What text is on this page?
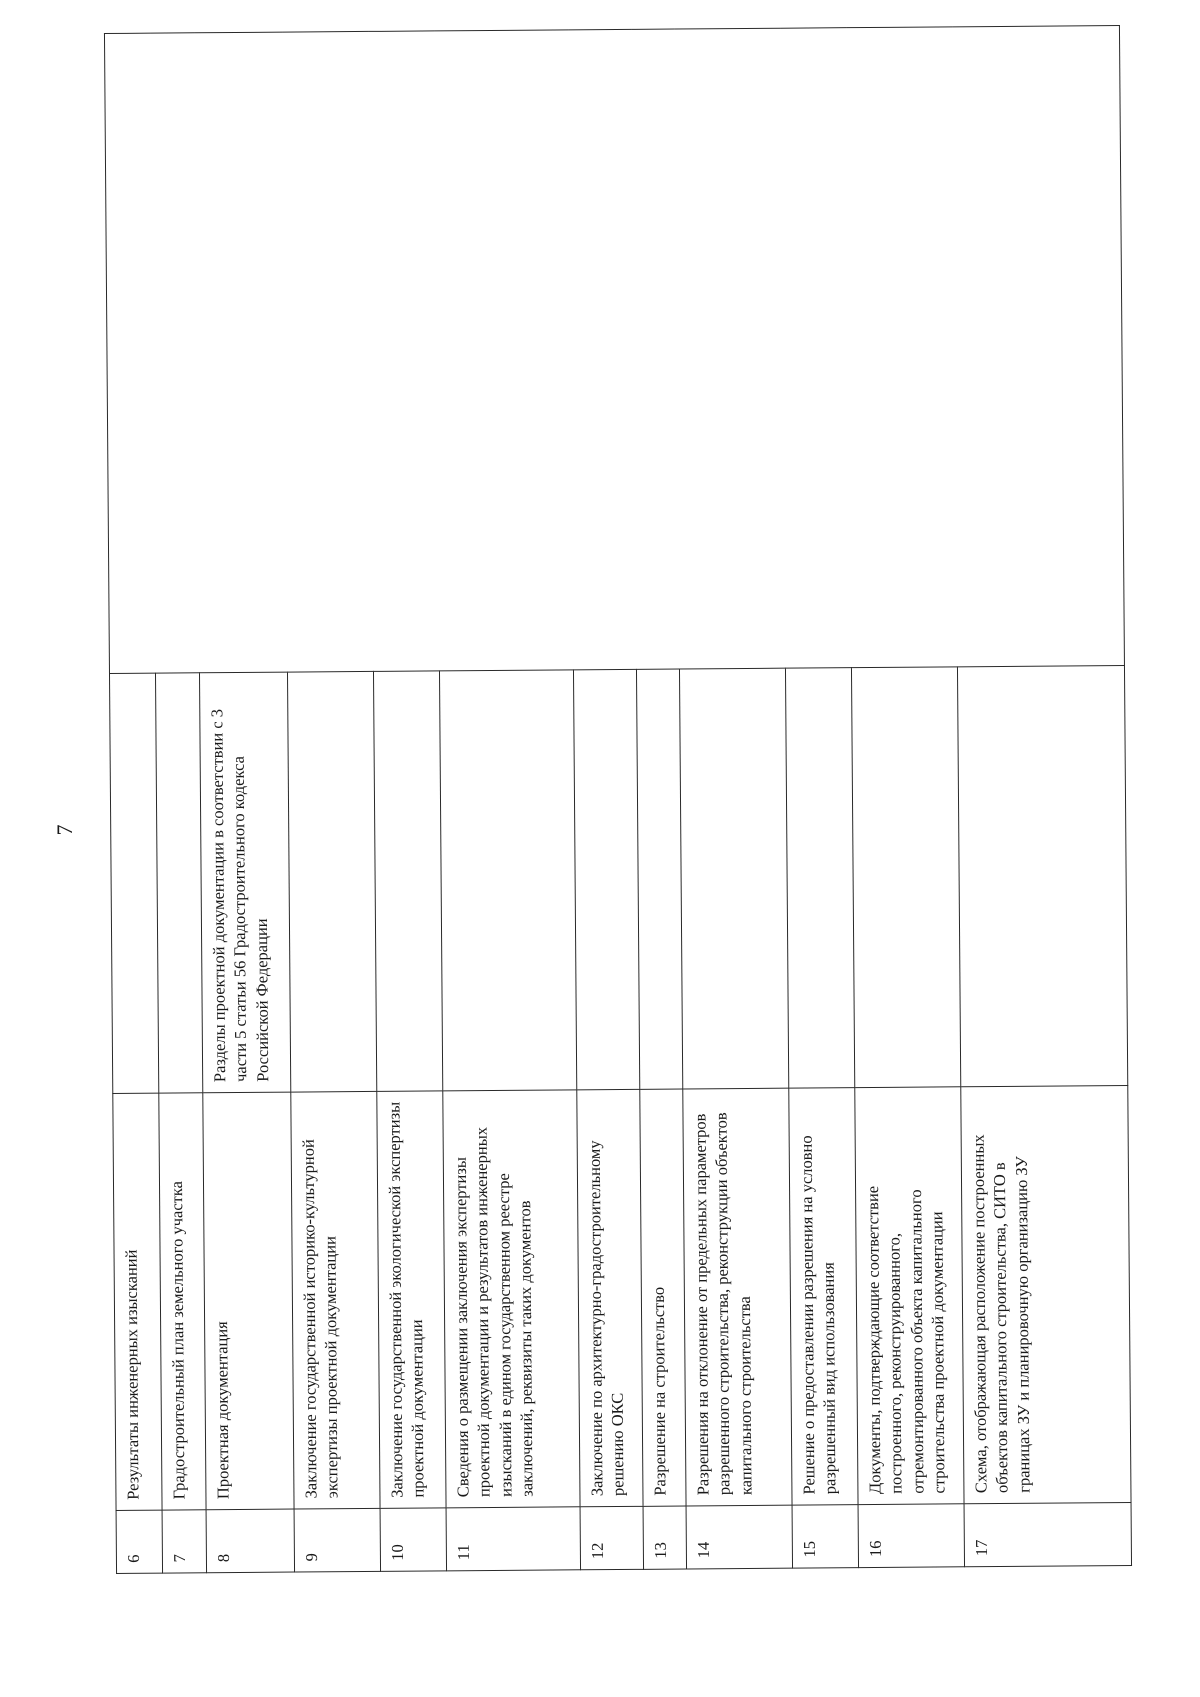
7
6	Результаты инженерных изысканий		
7	Градостроительный план земельного участка		
8	Проектная документация	Разделы проектной документации в соответствии с 3 части 5 статьи 56 Градостроительного кодекса Российской Федерации	
9	Заключение государственной историко-культурной экспертизы проектной документации		
10	Заключение государственной экологической экспертизы проектной документации		
11	Сведения о размещении заключения экспертизы проектной документации и результатов инженерных изысканий в едином государственном реестре заключений, реквизиты таких документов		
12	Заключение по архитектурно-градостроительному решению ОКС		
13	Разрешение на строительство		
14	Разрешения на отклонение от предельных параметров разрешенного строительства, реконструкции объектов капитального строительства		
15	Решение о предоставлении разрешения на условно разрешенный вид использования		
16	Документы, подтверждающие соответствие построенного, реконструированного, отремонтированного объекта капитального строительства проектной документации		
17	Схема, отображающая расположение построенных объектов капитального строительства, СИТО в границах ЗУ и планировочную организацию ЗУ		
